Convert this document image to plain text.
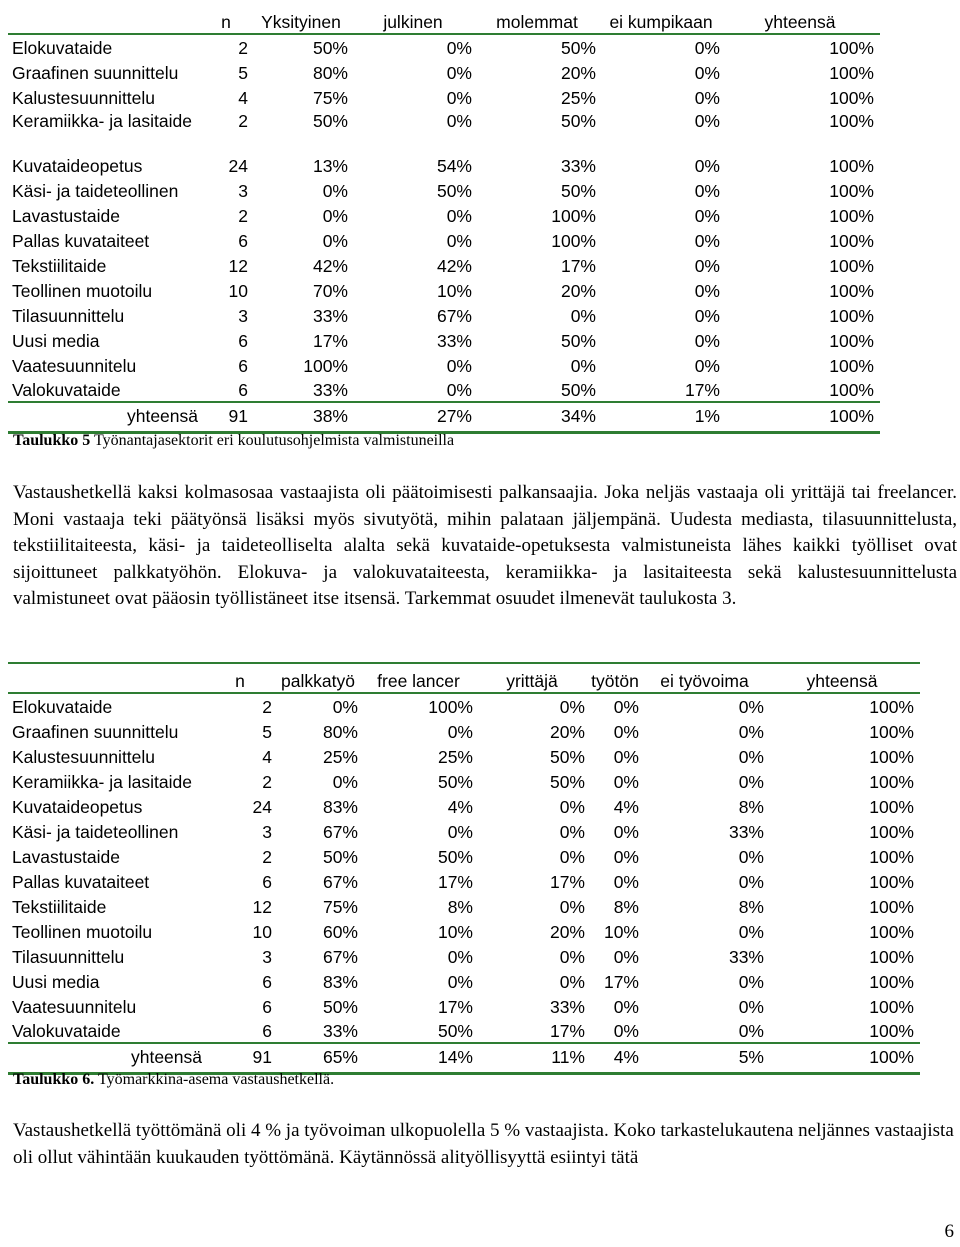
	n	Yksityinen	julkinen	molemmat	ei kumpikaan	yhteensä
Elokuvataide	2	50%	0%	50%	0%	100%
Graafinen suunnittelu	5	80%	0%	20%	0%	100%
Kalustesuunnittelu	4	75%	0%	25%	0%	100%
Keramiikka- ja lasitaide	2	50%	0%	50%	0%	100%
Kuvataideopetus	24	13%	54%	33%	0%	100%
Käsi- ja taideteollinen	3	0%	50%	50%	0%	100%
Lavastustaide	2	0%	0%	100%	0%	100%
Pallas kuvataiteet	6	0%	0%	100%	0%	100%
Tekstiilitaide	12	42%	42%	17%	0%	100%
Teollinen muotoilu	10	70%	10%	20%	0%	100%
Tilasuunnittelu	3	33%	67%	0%	0%	100%
Uusi media	6	17%	33%	50%	0%	100%
Vaatesuunnitelu	6	100%	0%	0%	0%	100%
Valokuvataide	6	33%	0%	50%	17%	100%
yhteensä	91	38%	27%	34%	1%	100%
Taulukko 5 Työnantajasektorit eri koulutusohjelmista valmistuneilla

Vastaushetkellä kaksi kolmasosaa vastaajista oli päätoimisesti palkansaajia. Joka neljäs vastaaja oli yrittäjä tai freelancer. Moni vastaaja teki päätyönsä lisäksi myös sivutyötä, mihin palataan jäljempänä. Uudesta mediasta, tilasuunnittelusta, tekstiilitaiteesta, käsi- ja taideteolliselta alalta sekä kuvataide-opetuksesta valmistuneista lähes kaikki työlliset ovat sijoittuneet palkkatyöhön. Elokuva- ja valokuvataiteesta, keramiikka- ja lasitaiteesta sekä kalustesuunnittelusta valmistuneet ovat pääosin työllistäneet itse itsensä. Tarkemmat osuudet ilmenevät taulukosta 3.

	n	palkkatyö	free lancer	yrittäjä	työtön	ei työvoima	yhteensä
Elokuvataide	2	0%	100%	0%	0%	0%	100%
Graafinen suunnittelu	5	80%	0%	20%	0%	0%	100%
Kalustesuunnittelu	4	25%	25%	50%	0%	0%	100%
Keramiikka- ja lasitaide	2	0%	50%	50%	0%	0%	100%
Kuvataideopetus	24	83%	4%	0%	4%	8%	100%
Käsi- ja taideteollinen	3	67%	0%	0%	0%	33%	100%
Lavastustaide	2	50%	50%	0%	0%	0%	100%
Pallas kuvataiteet	6	67%	17%	17%	0%	0%	100%
Tekstiilitaide	12	75%	8%	0%	8%	8%	100%
Teollinen muotoilu	10	60%	10%	20%	10%	0%	100%
Tilasuunnittelu	3	67%	0%	0%	0%	33%	100%
Uusi media	6	83%	0%	0%	17%	0%	100%
Vaatesuunnitelu	6	50%	17%	33%	0%	0%	100%
Valokuvataide	6	33%	50%	17%	0%	0%	100%
yhteensä	91	65%	14%	11%	4%	5%	100%
Taulukko 6. Työmarkkina-asema vastaushetkellä.

Vastaushetkellä työttömänä oli 4 % ja työvoiman ulkopuolella 5 % vastaajista. Koko tarkastelukautena neljännes vastaajista oli ollut vähintään kuukauden työttömänä. Käytännössä alityöllisyyttä esiintyi tätä

6
